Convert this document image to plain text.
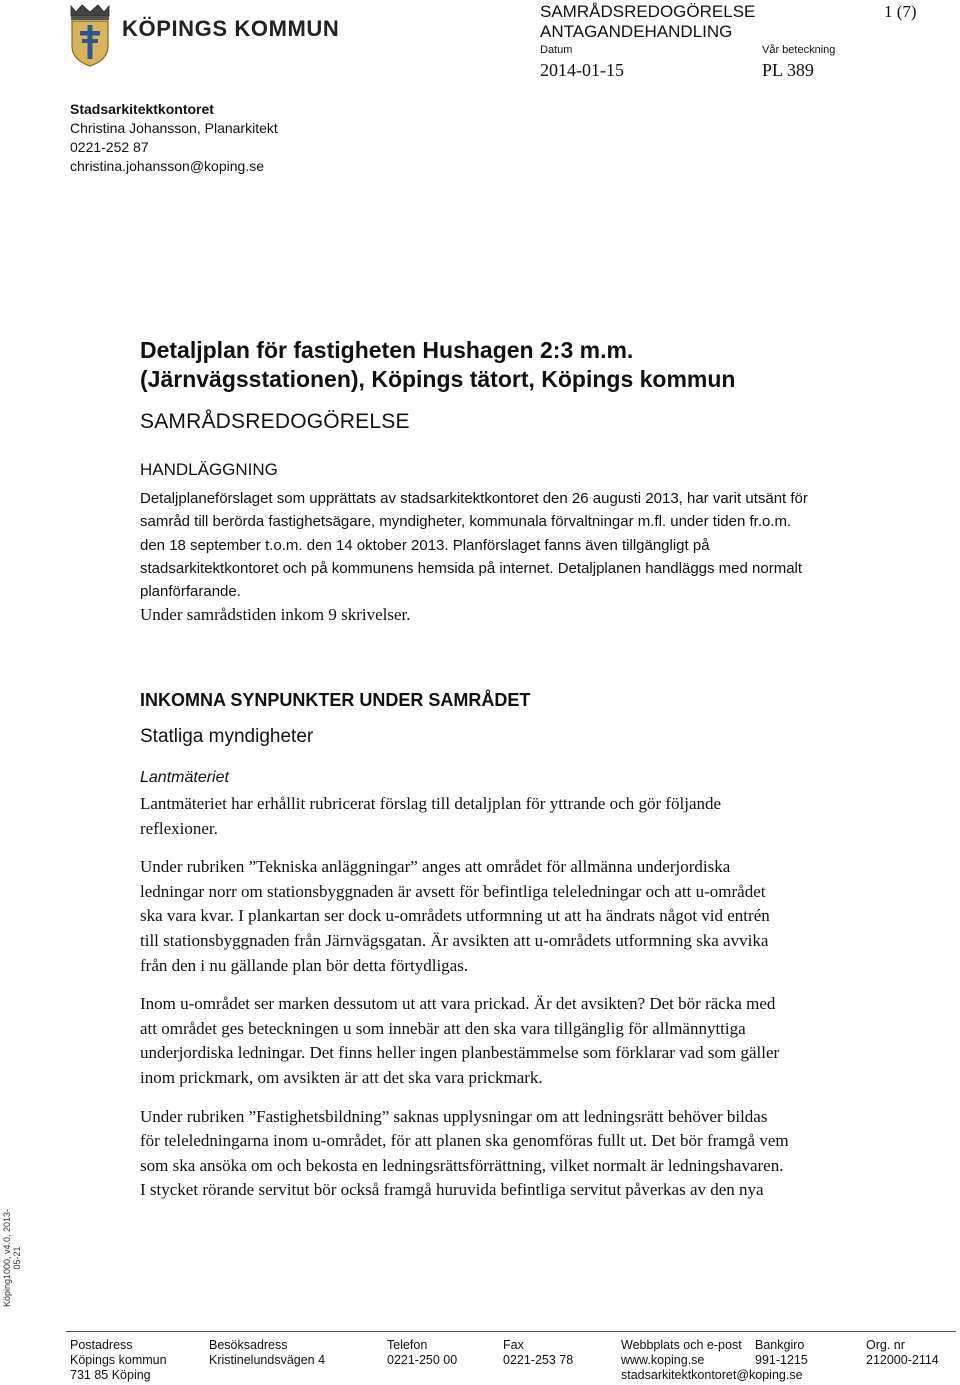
KÖPINGS KOMMUN
SAMRÅDSREDOGÖRELSE
ANTAGANDEHANDLING
1 (7)
Datum
2014-01-15
Vår beteckning
PL 389
Stadsarkitektkontoret
Christina Johansson, Planarkitekt
0221-252 87
christina.johansson@koping.se
Detaljplan för fastigheten Hushagen 2:3 m.m.
(Järnvägsstationen), Köpings tätort, Köpings kommun
SAMRÅDSREDOGÖRELSE
HANDLÄGGNING

Detaljplaneförslaget som upprättats av stadsarkitektkontoret den 26 augusti 2013, har varit utsänt för samråd till berörda fastighetsägare, myndigheter, kommunala förvaltningar m.fl. under tiden fr.o.m. den 18 september t.o.m. den 14 oktober 2013. Planförslaget fanns även tillgängligt på stadsarkitektkontoret och på kommunens hemsida på internet. Detaljplanen handläggs med normalt planförfarande.

Under samrådstiden inkom 9 skrivelser.

INKOMNA SYNPUNKTER UNDER SAMRÅDET
Statliga myndigheter
Lantmäteriet

Lantmäteriet har erhållit rubricerat förslag till detaljplan för yttrande och gör följande reflexioner.

Under rubriken ”Tekniska anläggningar” anges att området för allmänna underjordiska ledningar norr om stationsbyggnaden är avsett för befintliga teleledningar och att u-området ska vara kvar. I plankartan ser dock u-områdets utformning ut att ha ändrats något vid entrén till stationsbyggnaden från Järnvägsgatan. Är avsikten att u-områdets utformning ska avvika från den i nu gällande plan bör detta förtydligas.

Inom u-området ser marken dessutom ut att vara prickad. Är det avsikten? Det bör räcka med att området ges beteckningen u som innebär att den ska vara tillgänglig för allmännyttiga underjordiska ledningar. Det finns heller ingen planbestämmelse som förklarar vad som gäller inom prickmark, om avsikten är att det ska vara prickmark.

Under rubriken ”Fastighetsbildning” saknas upplysningar om att ledningsrätt behöver bildas för teleledningarna inom u-området, för att planen ska genomföras fullt ut. Det bör framgå vem som ska ansöka om och bekosta en ledningsrättsförrättning, vilket normalt är ledningshavaren. I stycket rörande servitut bör också framgå huruvida befintliga servitut påverkas av den nya

Köping1000, v4.0, 2013-05-21
Postadress
Köpings kommun
731 85 Köping
Besöksadress
Kristinelundsvägen 4
Telefon
0221-250 00
Fax
0221-253 78
Webbplats och e-post
www.koping.se
stadsarkitektkontoret@koping.se
Bankgiro
991-1215
Org. nr
212000-2114
